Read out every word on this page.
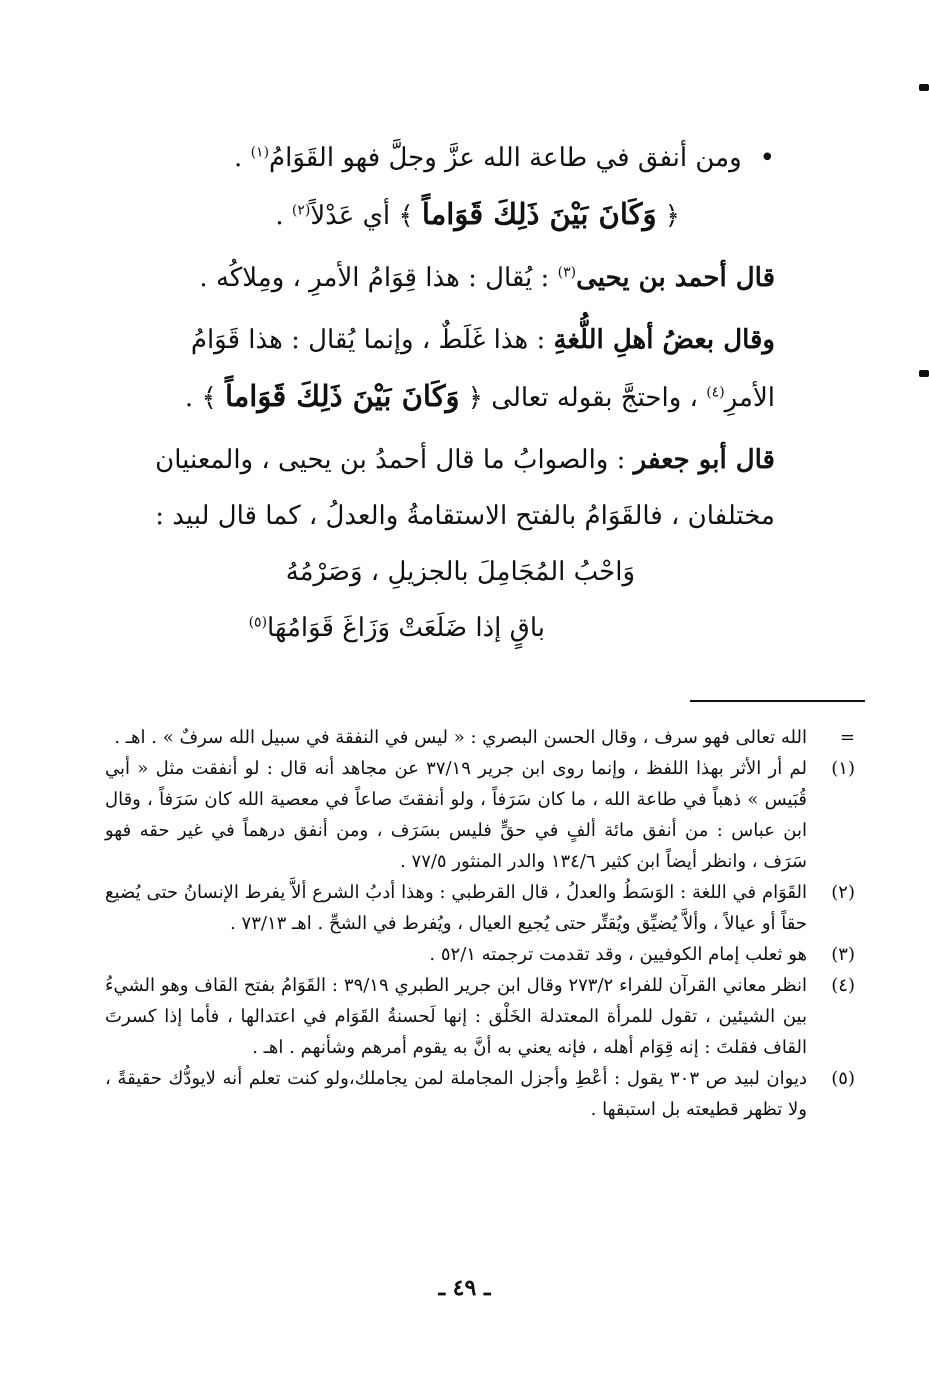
•ومن أنفق في طاعة الله عزَّ وجلَّ فهو القَوَامُ$^{(١)}$ .
﴿ وَكَانَ بَيْنَ ذَلِكَ قَوَاماً ﴾ أي عَدْلاً$^{(٢)}$ .
قال أحمد بن يحيى$^{(٣)}$ : يُقال : هذا قِوَامُ الأمرِ ، ومِلاكُه .
وقال بعضُ أهلِ اللُّغةِ : هذا غَلَطٌ ، وإنما يُقال : هذا قَوَامُ
الأمرِ$^{(٤)}$ ، واحتجَّ بقوله تعالى ﴿ وَكَانَ بَيْنَ ذَلِكَ قَوَاماً ﴾ .
قال أبو جعفر : والصوابُ ما قال أحمدُ بن يحيى ، والمعنيان
مختلفان ، فالقَوَامُ بالفتح الاستقامةُ والعدلُ ، كما قال لبيد :
وَاحْبُ المُجَامِلَ بالجزيلِ ، وَصَرْمُهُ
باقٍ إذا ضَلَعَتْ وَزَاغَ قَوَامُهَا$^{(٥)}$
=
الله تعالى فهو سرف ، وقال الحسن البصري : « ليس في النفقة في سبيل الله سرفٌ » . اهـ .
(١)
لم أر الأثر بهذا اللفظ ، وإنما روى ابن جرير ٣٧/١٩ عن مجاهد أنه قال : لو أنفقت مثل « أبي قُبَيس » ذهباً في طاعة الله ، ما كان سَرَفاً ، ولو أنفقتَ صاعاً في معصية الله كان سَرَفاً ، وقال ابن عباس : من أنفق مائة ألفٍ في حقٍّ فليس بسَرَف ، ومن أنفق درهماً في غير حقه فهو سَرَف ، وانظر أيضاً ابن كثير ١٣٤/٦ والدر المنثور ٧٧/٥ .
(٢)
القَوَام في اللغة : الوَسَطُ والعدلُ ، قال القرطبي : وهذا أدبُ الشرع ألاَّ يفرط الإنسانُ حتى يُضيع حقاً أو عيالاً ، وألاَّ يُضيِّق ويُقتِّر حتى يُجيع العيال ، ويُفرط في الشحِّ . اهـ ٧٣/١٣ .
(٣)
هو ثعلب إمام الكوفيين ، وقد تقدمت ترجمته ٥٢/١ .
(٤)
انظر معاني القرآن للفراء ٢٧٣/٢ وقال ابن جرير الطبري ٣٩/١٩ : القَوَامُ بفتح القاف وهو الشيءُ بين الشيئين ، تقول للمرأة المعتدلة الخَلْق : إنها لَحسنةُ القَوَام في اعتدالها ، فأما إذا كسرتَ القاف فقلتَ : إنه قِوَام أهله ، فإنه يعني به أنَّ به يقوم أمرهم وشأنهم . اهـ .
(٥)
ديوان لبيد ص ٣٠٣ يقول : أعْطِ وأجزل المجاملة لمن يجاملك،ولو كنت تعلم أنه لايودُّك حقيقةً ، ولا تظهر قطيعته بل استبقها .
ـ ٤٩ ـ
